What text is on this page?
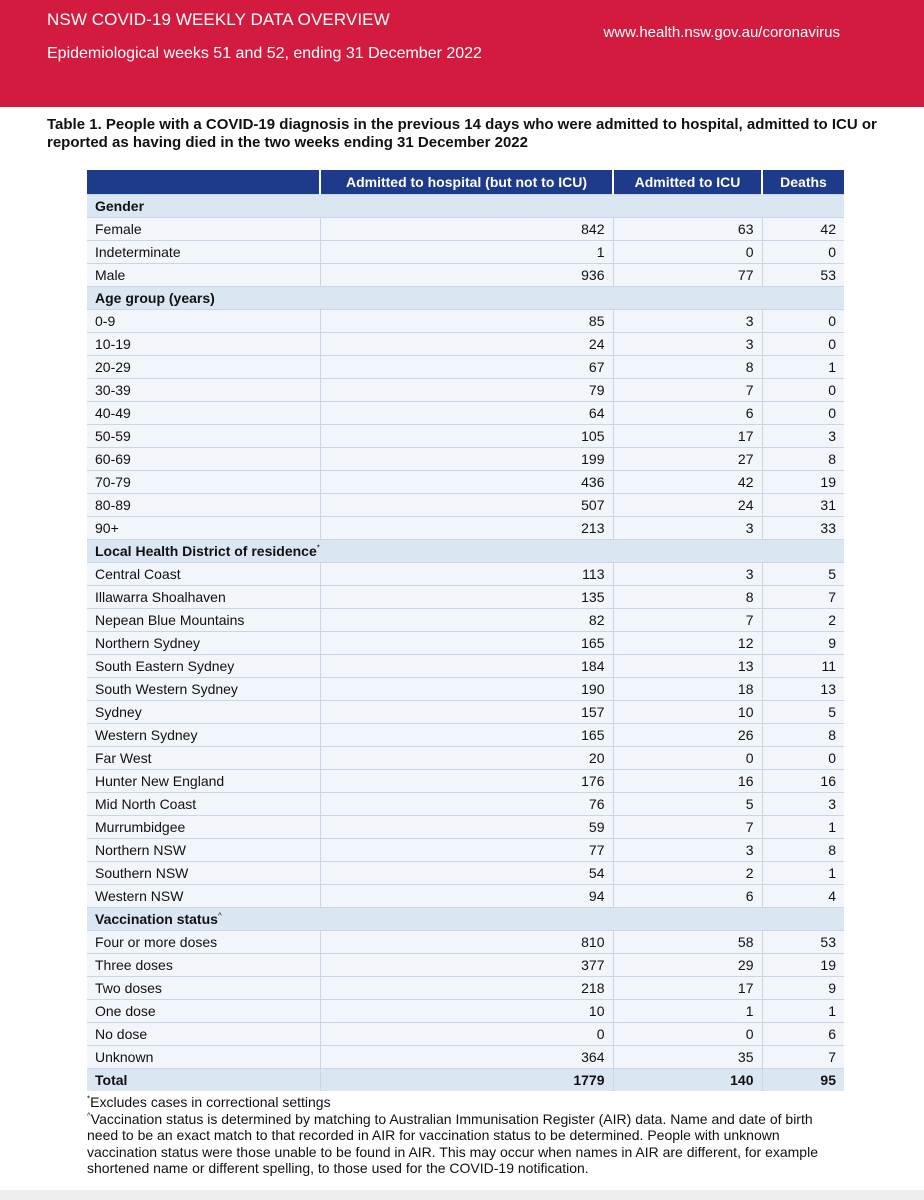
NSW COVID-19 WEEKLY DATA OVERVIEW
Epidemiological weeks 51 and 52, ending 31 December 2022
www.health.nsw.gov.au/coronavirus
Table 1. People with a COVID-19 diagnosis in the previous 14 days who were admitted to hospital, admitted to ICU or reported as having died in the two weeks ending 31 December 2022
	Admitted to hospital (but not to ICU)	Admitted to ICU	Deaths
Gender			
Female	842	63	42
Indeterminate	1	0	0
Male	936	77	53
Age group (years)			
0-9	85	3	0
10-19	24	3	0
20-29	67	8	1
30-39	79	7	0
40-49	64	6	0
50-59	105	17	3
60-69	199	27	8
70-79	436	42	19
80-89	507	24	31
90+	213	3	33
Local Health District of residence*
Central Coast	113	3	5
Illawarra Shoalhaven	135	8	7
Nepean Blue Mountains	82	7	2
Northern Sydney	165	12	9
South Eastern Sydney	184	13	11
South Western Sydney	190	18	13
Sydney	157	10	5
Western Sydney	165	26	8
Far West	20	0	0
Hunter New England	176	16	16
Mid North Coast	76	5	3
Murrumbidgee	59	7	1
Northern NSW	77	3	8
Southern NSW	54	2	1
Western NSW	94	6	4
Vaccination status^
Four or more doses	810	58	53
Three doses	377	29	19
Two doses	218	17	9
One dose	10	1	1
No dose	0	0	6
Unknown	364	35	7
Total	1779	140	95
*Excludes cases in correctional settings
^Vaccination status is determined by matching to Australian Immunisation Register (AIR) data. Name and date of birth need to be an exact match to that recorded in AIR for vaccination status to be determined. People with unknown vaccination status were those unable to be found in AIR. This may occur when names in AIR are different, for example shortened name or different spelling, to those used for the COVID-19 notification.
